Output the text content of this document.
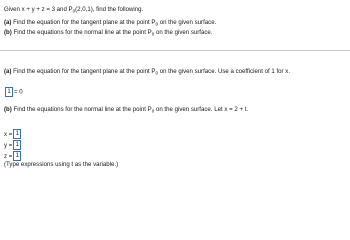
Given x + y + z = 3 and $P_0(2,0,1)$, find the following.
(a) Find the equation for the tangent plane at the point $P_0$ on the given surface.
(b) Find the equations for the normal line at the point $P_0$ on the given surface.
(a) Find the equation for the tangent plane at the point $P_0$ on the given surface. Use a coefficient of 1 for x.
1 = 0
(b) Find the equations for the normal line at the point $P_0$ on the given surface. Let x = 2 + t.
x = 1
y = 1
z = 1
(Type expressions using t as the variable.)
